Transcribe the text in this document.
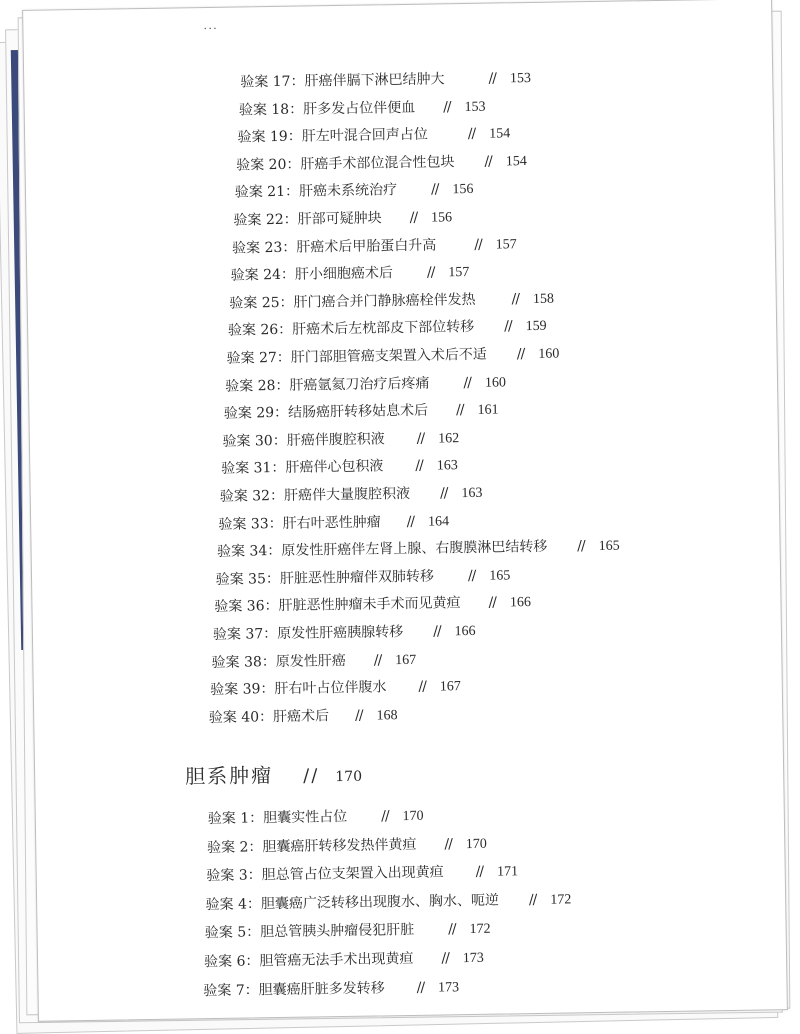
...
验案 17：肝癌伴膈下淋巴结肿大	// 153
验案 18：肝多发占位伴便血 // 153
验案 19：肝左叶混合回声占位	// 154
验案 20：肝癌手术部位混合性包块 // 154
验案 21：肝癌未系统治疗 // 156
验案 22：肝部可疑肿块 // 156
验案 23：肝癌术后甲胎蛋白升高	// 157
验案 24：肝小细胞癌术后 // 157
验案 25：肝门癌合并门静脉癌栓伴发热	// 158
验案 26：肝癌术后左枕部皮下部位转移 // 159
验案 27：肝门部胆管癌支架置入术后不适 // 160
验案 28：肝癌氩氦刀治疗后疼痛 // 160
验案 29：结肠癌肝转移姑息术后 // 161
验案 30：肝癌伴腹腔积液 // 162
验案 31：肝癌伴心包积液 // 163
验案 32：肝癌伴大量腹腔积液 // 163
验案 33：肝右叶恶性肿瘤 // 164
验案 34：原发性肝癌伴左肾上腺、右腹膜淋巴结转移 // 165
验案 35：肝脏恶性肿瘤伴双肺转移 // 165
验案 36：肝脏恶性肿瘤未手术而见黄疸 // 166
验案 37：原发性肝癌胰腺转移 // 166
验案 38：原发性肝癌 // 167
验案 39：肝右叶占位伴腹水 // 167
验案 40：肝癌术后 // 168
胆系肿瘤 // 170
验案 1：胆囊实性占位 // 170
验案 2：胆囊癌肝转移发热伴黄疸 // 170
验案 3：胆总管占位支架置入出现黄疸 // 171
验案 4：胆囊癌广泛转移出现腹水、胸水、呃逆 // 172
验案 5：胆总管胰头肿瘤侵犯肝脏 // 172
验案 6：胆管癌无法手术出现黄疸 // 173
验案 7：胆囊癌肝脏多发转移 // 173
